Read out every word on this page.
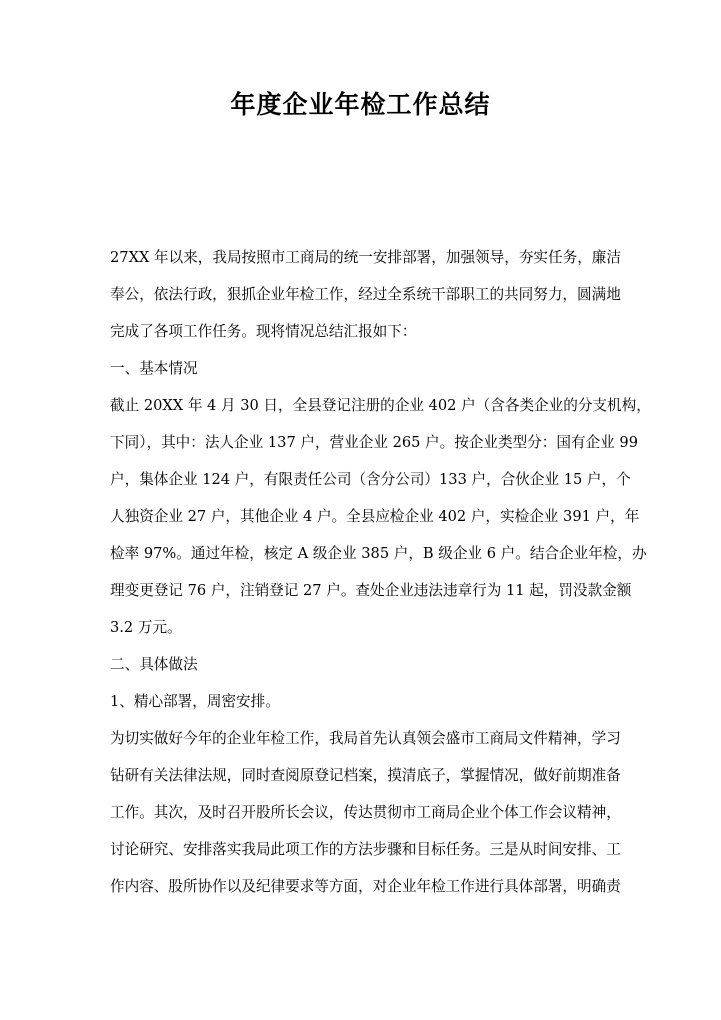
年度企业年检工作总结
27XX 年以来，我局按照市工商局的统一安排部署，加强领导，夯实任务，廉洁
奉公，依法行政，狠抓企业年检工作，经过全系统干部职工的共同努力，圆满地
完成了各项工作任务。现将情况总结汇报如下：
一、基本情况
截止 20XX 年 4 月 30 日，全县登记注册的企业 402 户（含各类企业的分支机构，
下同），其中：法人企业 137 户，营业企业 265 户。按企业类型分：国有企业 99
户，集体企业 124 户，有限责任公司（含分公司）133 户，合伙企业 15 户，个
人独资企业 27 户，其他企业 4 户。全县应检企业 402 户，实检企业 391 户，年
检率 97%。通过年检，核定 A 级企业 385 户，B 级企业 6 户。结合企业年检，办
理变更登记 76 户，注销登记 27 户。查处企业违法违章行为 11 起，罚没款金额
3.2 万元。
二、具体做法
1、精心部署，周密安排。
为切实做好今年的企业年检工作，我局首先认真领会盛市工商局文件精神，学习
钻研有关法律法规，同时查阅原登记档案，摸清底子，掌握情况，做好前期准备
工作。其次，及时召开股所长会议，传达贯彻市工商局企业个体工作会议精神，
讨论研究、安排落实我局此项工作的方法步骤和目标任务。三是从时间安排、工
作内容、股所协作以及纪律要求等方面，对企业年检工作进行具体部署，明确责
